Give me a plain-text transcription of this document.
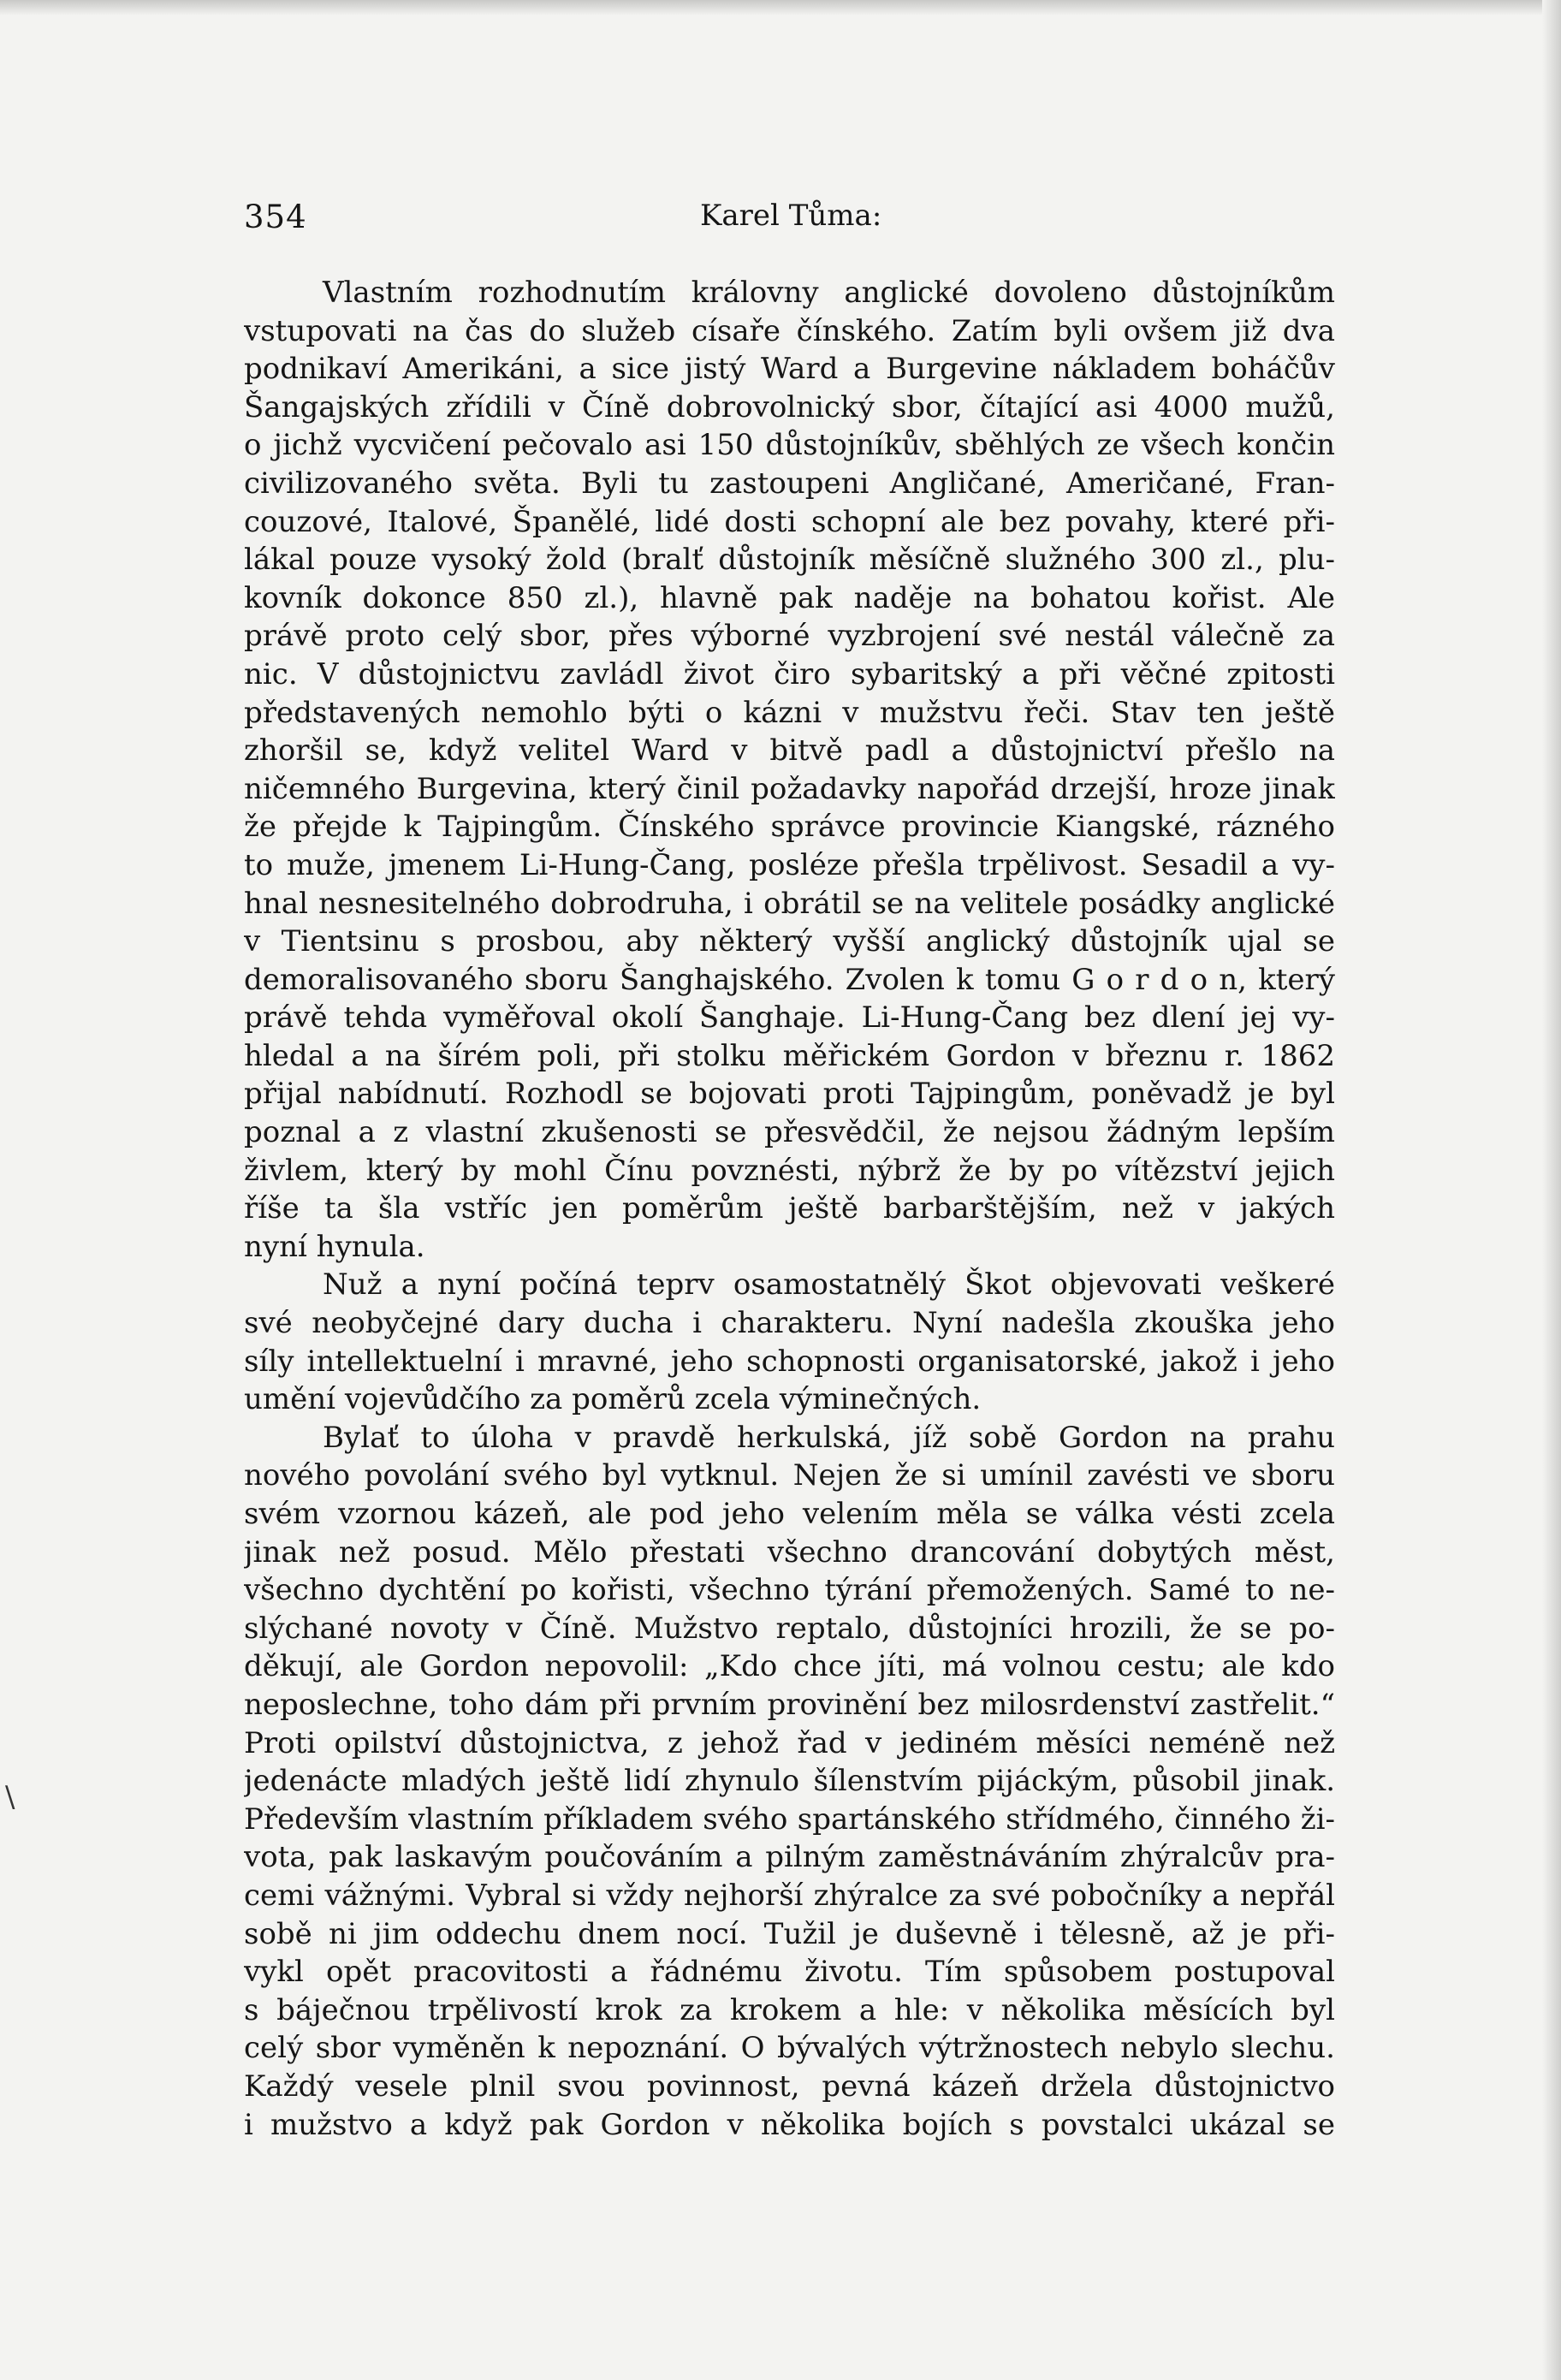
354	Karel Tůma:
\
Vlastním rozhodnutím královny anglické dovoleno důstojníkům
vstupovati na čas do služeb císaře čínského. Zatím byli ovšem již dva
podnikaví Amerikáni, a sice jistý Ward a Burgevine nákladem boháčův
Šangajských zřídili v Číně dobrovolnický sbor, čítající asi 4000 mužů,
o jichž vycvičení pečovalo asi 150 důstojníkův, sběhlých ze všech končin
civilizovaného světa. Byli tu zastoupeni Angličané, Američané, Fran-
couzové, Italové, Španělé, lidé dosti schopní ale bez povahy, které při-
lákal pouze vysoký žold (bralť důstojník měsíčně služného 300 zl., plu-
kovník dokonce 850 zl.), hlavně pak naděje na bohatou kořist. Ale
právě proto celý sbor, přes výborné vyzbrojení své nestál válečně za
nic. V důstojnictvu zavládl život čiro sybaritský a při věčné zpitosti
představených nemohlo býti o kázni v mužstvu řeči. Stav ten ještě
zhoršil se, když velitel Ward v bitvě padl a důstojnictví přešlo na
ničemného Burgevina, který činil požadavky napořád drzejší, hroze jinak
že přejde k Tajpingům. Čínského správce provincie Kiangské, rázného
to muže, jmenem Li-Hung-Čang, posléze přešla trpělivost. Sesadil a vy-
hnal nesnesitelného dobrodruha, i obrátil se na velitele posádky anglické
v Tientsinu s prosbou, aby některý vyšší anglický důstojník ujal se
demoralisovaného sboru Šanghajského. Zvolen k tomu G o r d o n, který
právě tehda vyměřoval okolí Šanghaje. Li-Hung-Čang bez dlení jej vy-
hledal a na šírém poli, při stolku měřickém Gordon v březnu r. 1862
přijal nabídnutí. Rozhodl se bojovati proti Tajpingům, poněvadž je byl
poznal a z vlastní zkušenosti se přesvědčil, že nejsou žádným lepším
živlem, který by mohl Čínu povznésti, nýbrž že by po vítězství jejich
říše ta šla vstříc jen poměrům ještě barbarštějším, než v jakých
nyní hynula.
Nuž a nyní počíná teprv osamostatnělý Škot objevovati veškeré
své neobyčejné dary ducha i charakteru. Nyní nadešla zkouška jeho
síly intellektuelní i mravné, jeho schopnosti organisatorské, jakož i jeho
umění vojevůdčího za poměrů zcela výminečných.
Bylať to úloha v pravdě herkulská, jíž sobě Gordon na prahu
nového povolání svého byl vytknul. Nejen že si umínil zavésti ve sboru
svém vzornou kázeň, ale pod jeho velením měla se válka vésti zcela
jinak než posud. Mělo přestati všechno drancování dobytých měst,
všechno dychtění po kořisti, všechno týrání přemožených. Samé to ne-
slýchané novoty v Číně. Mužstvo reptalo, důstojníci hrozili, že se po-
děkují, ale Gordon nepovolil: „Kdo chce jíti, má volnou cestu; ale kdo
neposlechne, toho dám při prvním provinění bez milosrdenství zastřelit.“
Proti opilství důstojnictva, z jehož řad v jediném měsíci neméně než
jedenácte mladých ještě lidí zhynulo šílenstvím pijáckým, působil jinak.
Především vlastním příkladem svého spartánského střídmého, činného ži-
vota, pak laskavým poučováním a pilným zaměstnáváním zhýralcův pra-
cemi vážnými. Vybral si vždy nejhorší zhýralce za své pobočníky a nepřál
sobě ni jim oddechu dnem nocí. Tužil je duševně i tělesně, až je při-
vykl opět pracovitosti a řádnému životu. Tím spůsobem postupoval
s báječnou trpělivostí krok za krokem a hle: v několika měsících byl
celý sbor vyměněn k nepoznání. O bývalých výtržnostech nebylo slechu.
Každý vesele plnil svou povinnost, pevná kázeň držela důstojnictvo
i mužstvo a když pak Gordon v několika bojích s povstalci ukázal se
